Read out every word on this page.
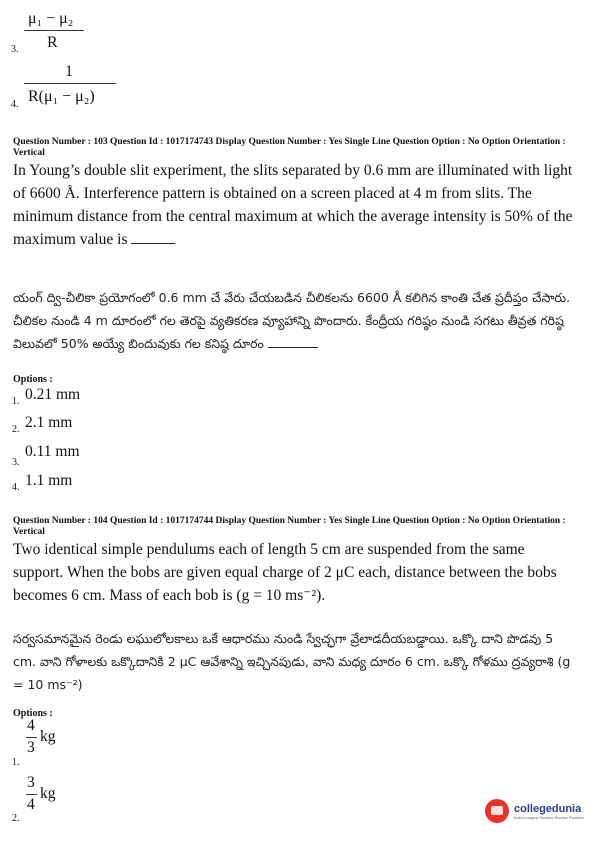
μ₁ − μ₂
3. R
1
4. R(μ₁ − μ₂)
Question Number : 103 Question Id : 1017174743 Display Question Number : Yes Single Line Question Option : No Option Orientation : Vertical
In Young’s double slit experiment, the slits separated by 0.6 mm are illuminated with light of 6600 Å. Interference pattern is obtained on a screen placed at 4 m from slits. The minimum distance from the central maximum at which the average intensity is 50% of the maximum value is
యంగ్ ద్వి-చీలికా ప్రయోగంలో 0.6 mm చే వేరు చేయబడిన చీలికలను 6600 Å కలిగిన కాంతి చేత ప్రదీప్తం చేసారు. చీలికల నుండి 4 m దూరంలో గల తెరపై వ్యతికరణ వ్యూహాన్ని పొందారు. కేంద్రీయ గరిష్ఠం నుండి సగటు తీవ్రత గరిష్ఠ విలువలో 50% అయ్యే బిందువుకు గల కనిష్ఠ దూరం
Options :
1. 0.21 mm
2. 2.1 mm
3.
0.11 mm
4. 1.1 mm
Question Number : 104 Question Id : 1017174744 Display Question Number : Yes Single Line Question Option : No Option Orientation : Vertical
Two identical simple pendulums each of length 5 cm are suspended from the same support. When the bobs are given equal charge of 2 μC each, distance between the bobs becomes 6 cm. Mass of each bob is (g = 10 ms⁻²).
సర్వసమానమైన రెండు లఘులోలకాలు ఒకే ఆధారము నుండి స్వేచ్ఛగా వ్రేలాడదీయబడ్డాయి. ఒక్కొ దాని పొడవు 5 cm. వాని గోళాలకు ఒక్కొదానికి 2 μC ఆవేశాన్ని ఇచ్చినపుడు, వాని మధ్య దూరం 6 cm. ఒక్కొ గోళము ద్రవ్యరాశి (g = 10 ms⁻²)
Options :
1.
4
3
kg
2.
3
4
kg
collegedunia
India's largest Student Review Platform
